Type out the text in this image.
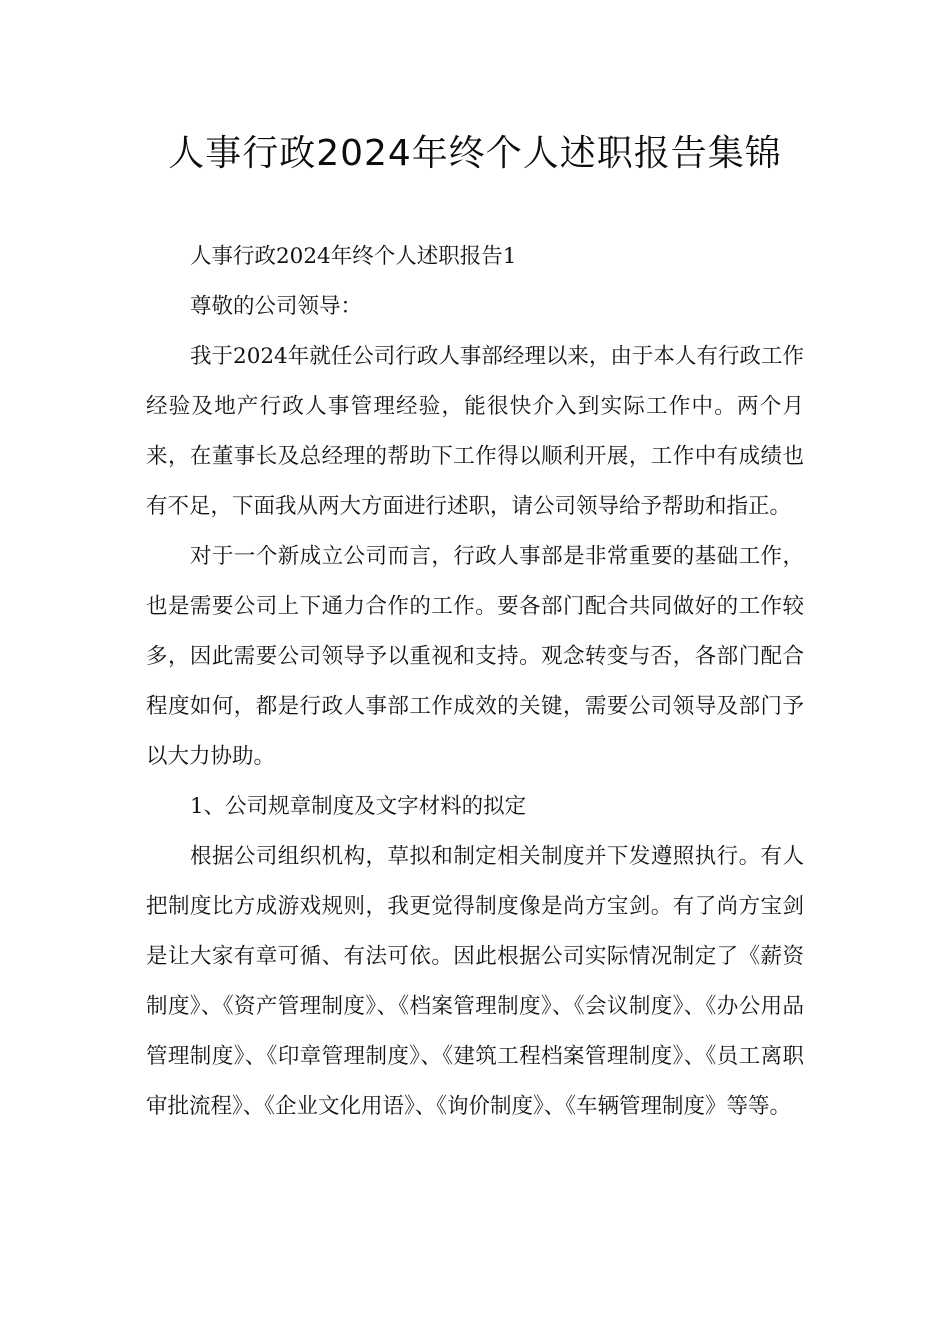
人事行政2024年终个人述职报告集锦

人事行政2024年终个人述职报告1

尊敬的公司领导：

我于2024年就任公司行政人事部经理以来，由于本人有行政工作经验及地产行政人事管理经验，能很快介入到实际工作中。两个月来，在董事长及总经理的帮助下工作得以顺利开展，工作中有成绩也有不足，下面我从两大方面进行述职，请公司领导给予帮助和指正。

对于一个新成立公司而言，行政人事部是非常重要的基础工作，也是需要公司上下通力合作的工作。要各部门配合共同做好的工作较多，因此需要公司领导予以重视和支持。观念转变与否，各部门配合程度如何，都是行政人事部工作成效的关键，需要公司领导及部门予以大力协助。

1、公司规章制度及文字材料的拟定

根据公司组织机构，草拟和制定相关制度并下发遵照执行。有人把制度比方成游戏规则，我更觉得制度像是尚方宝剑。有了尚方宝剑是让大家有章可循、有法可依。因此根据公司实际情况制定了《薪资制度》、《资产管理制度》、《档案管理制度》、《会议制度》、《办公用品管理制度》、《印章管理制度》、《建筑工程档案管理制度》、《员工离职审批流程》、《企业文化用语》、《询价制度》、《车辆管理制度》等等。
